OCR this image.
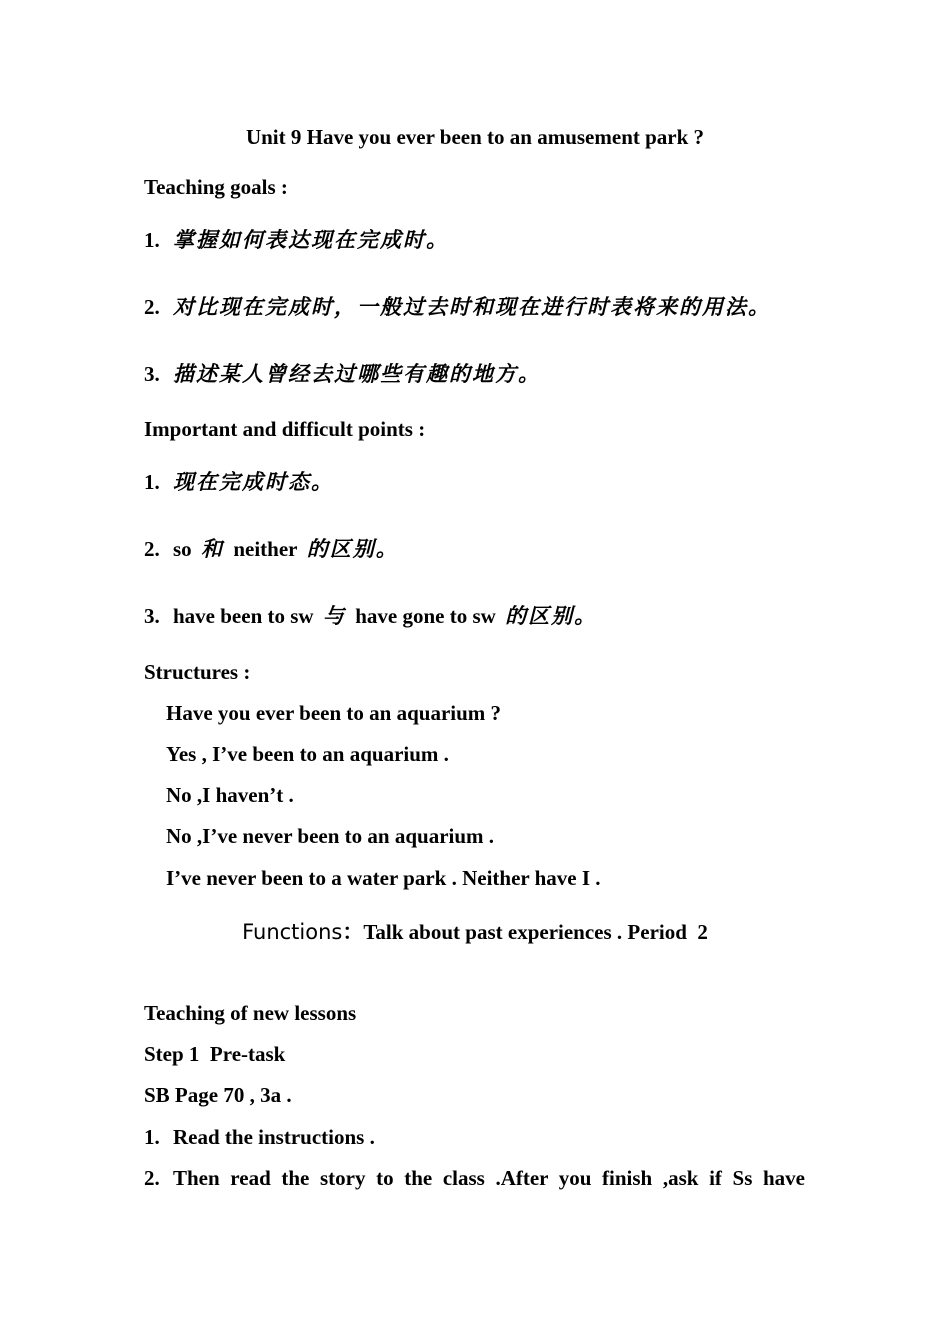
Unit 9 Have you ever been to an amusement park ?
Teaching goals :
1. 掌握如何表达现在完成时。
2. 对比现在完成时，一般过去时和现在进行时表将来的用法。
3. 描述某人曾经去过哪些有趣的地方。
Important and difficult points :
1. 现在完成时态。
2. so 和 neither 的区别。
3. have been to sw 与 have gone to sw 的区别。
Structures :
Have you ever been to an aquarium ?
Yes , I’ve been to an aquarium .
No ,I haven’t .
No ,I’ve never been to an aquarium .
I’ve never been to a water park . Neither have I .
Functions：Talk about past experiences . Period  2
Teaching of new lessons
Step 1  Pre-task
SB Page 70 , 3a .
1. Read the instructions .
2. Then read the story to the class .After you finish ,ask if Ss have
